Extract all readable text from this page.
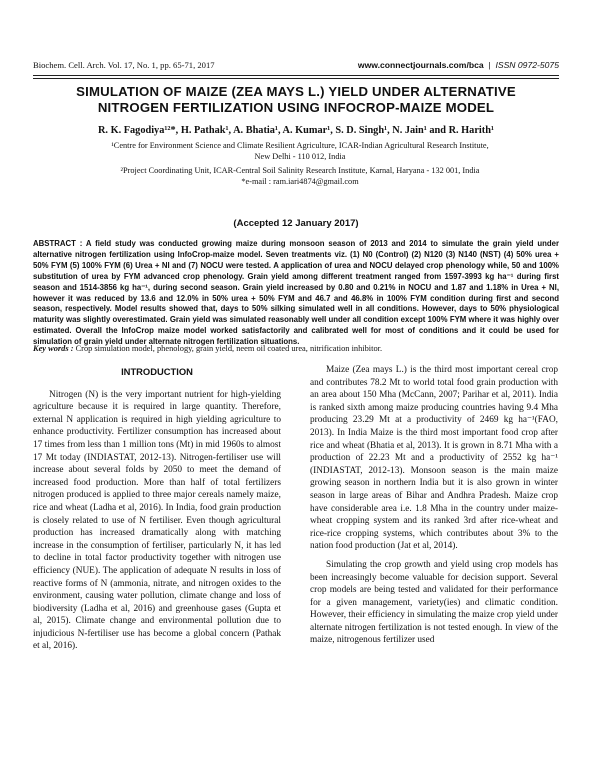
Biochem. Cell. Arch. Vol. 17, No. 1, pp. 65-71, 2017	www.connectjournals.com/bca  |  ISSN 0972-5075
SIMULATION OF MAIZE (ZEA MAYS L.) YIELD UNDER ALTERNATIVE
NITROGEN FERTILIZATION USING INFOCROP-MAIZE MODEL
R. K. Fagodiya¹²*, H. Pathak¹, A. Bhatia¹, A. Kumar¹, S. D. Singh¹, N. Jain¹ and R. Harith¹
¹Centre for Environment Science and Climate Resilient Agriculture, ICAR-Indian Agricultural Research Institute,
New Delhi - 110 012, India
²Project Coordinating Unit, ICAR-Central Soil Salinity Research Institute, Karnal, Haryana - 132 001, India
*e-mail : ram.iari4874@gmail.com
(Accepted 12 January 2017)
ABSTRACT : A field study was conducted growing maize during monsoon season of 2013 and 2014 to simulate the grain yield under alternative nitrogen fertilization using InfoCrop-maize model. Seven treatments viz. (1) N0 (Control) (2) N120 (3) N140 (NST) (4) 50% urea + 50% FYM (5) 100% FYM (6) Urea + NI and (7) NOCU were tested. A application of urea and NOCU delayed crop phenology while, 50 and 100% substitution of urea by FYM advanced crop phenology. Grain yield among different treatment ranged from 1597-3993 kg ha⁻¹ during first season and 1514-3856 kg ha⁻¹, during second season. Grain yield increased by 0.80 and 0.21% in NOCU and 1.87 and 1.18% in Urea + NI, however it was reduced by 13.6 and 12.0% in 50% urea + 50% FYM and 46.7 and 46.8% in 100% FYM condition during first and second season, respectively. Model results showed that, days to 50% silking simulated well in all conditions. However, days to 50% physiological maturity was slightly overestimated. Grain yield was simulated reasonably well under all condition except 100% FYM where it was highly over estimated. Overall the InfoCrop maize model worked satisfactorily and calibrated well for most of conditions and it could be used for simulation of grain yield under alternate nitrogen fertilization situations.
Key words : Crop simulation model, phenology, grain yield, neem oil coated urea, nitrification inhibitor.
INTRODUCTION

Nitrogen (N) is the very important nutrient for high-yielding agriculture because it is required in large quantity. Therefore, external N application is required in high yielding agriculture to enhance productivity. Fertilizer consumption has increased about 17 times from less than 1 million tons (Mt) in mid 1960s to almost 17 Mt today (INDIASTAT, 2012-13). Nitrogen-fertiliser use will increase about several folds by 2050 to meet the demand of increased food production. More than half of total fertilizers nitrogen produced is applied to three major cereals namely maize, rice and wheat (Ladha et al, 2016). In India, food grain production is closely related to use of N fertiliser. Even though agricultural production has increased dramatically along with matching increase in the consumption of fertiliser, particularly N, it has led to decline in total factor productivity together with nitrogen use efficiency (NUE). The application of adequate N results in loss of reactive forms of N (ammonia, nitrate, and nitrogen oxides to the environment, causing water pollution, climate change and loss of biodiversity (Ladha et al, 2016) and greenhouse gases (Gupta et al, 2015). Climate change and environmental pollution due to injudicious N-fertiliser use has become a global concern (Pathak et al, 2016).

Maize (Zea mays L.) is the third most important cereal crop and contributes 78.2 Mt to world total food grain production with an area about 150 Mha (McCann, 2007; Parihar et al, 2011). India is ranked sixth among maize producing countries having 9.4 Mha producing 23.29 Mt at a productivity of 2469 kg ha⁻¹(FAO, 2013). In India Maize is the third most important food crop after rice and wheat (Bhatia et al, 2013). It is grown in 8.71 Mha with a production of 22.23 Mt and a productivity of 2552 kg ha⁻¹ (INDIASTAT, 2012-13). Monsoon season is the main maize growing season in northern India but it is also grown in winter season in large areas of Bihar and Andhra Pradesh. Maize crop have considerable area i.e. 1.8 Mha in the country under maize-wheat cropping system and its ranked 3rd after rice-wheat and rice-rice cropping systems, which contributes about 3% to the nation food production (Jat et al, 2014).

Simulating the crop growth and yield using crop models has been increasingly become valuable for decision support. Several crop models are being tested and validated for their performance for a given management, variety(ies) and climatic condition. However, their efficiency in simulating the maize crop yield under alternate nitrogen fertilization is not tested enough. In view of the maize, nitrogenous fertilizer used
